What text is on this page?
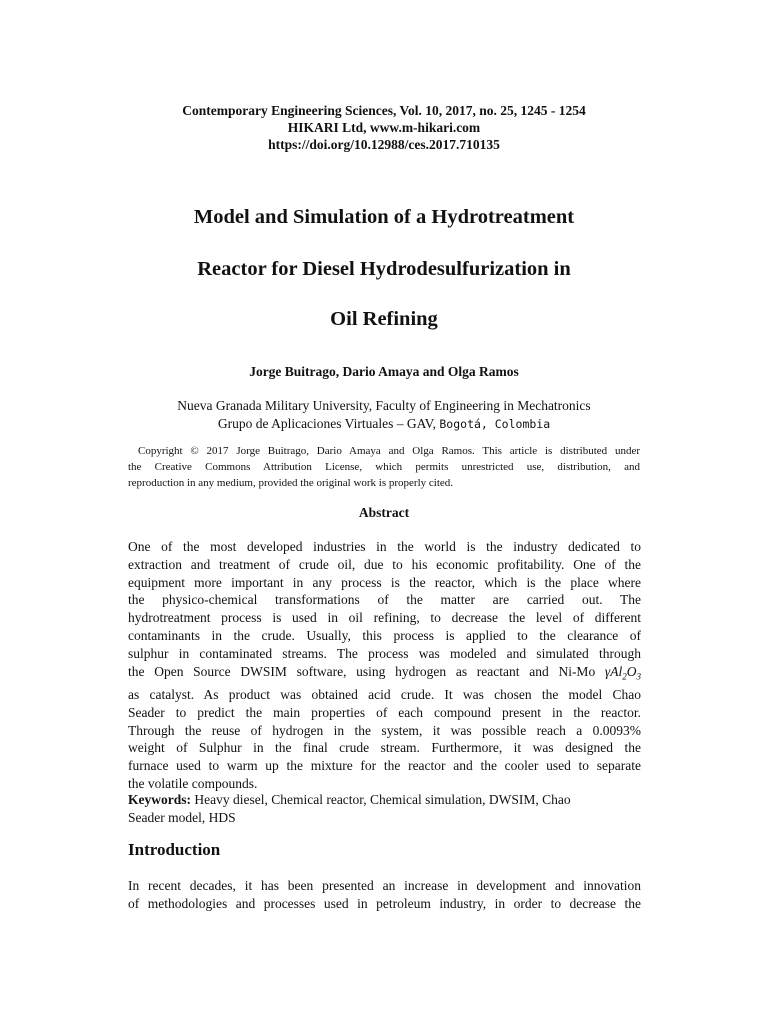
Contemporary Engineering Sciences, Vol. 10, 2017, no. 25, 1245 - 1254
HIKARI Ltd, www.m-hikari.com
https://doi.org/10.12988/ces.2017.710135
Model and Simulation of a Hydrotreatment
Reactor for Diesel Hydrodesulfurization in
Oil Refining
Jorge Buitrago, Dario Amaya and Olga Ramos
Nueva Granada Military University, Faculty of Engineering in Mechatronics
Grupo de Aplicaciones Virtuales – GAV, Bogotá, Colombia
Copyright © 2017 Jorge Buitrago, Dario Amaya and Olga Ramos. This article is distributed under
the Creative Commons Attribution License, which permits unrestricted use, distribution, and
reproduction in any medium, provided the original work is properly cited.
Abstract
One of the most developed industries in the world is the industry dedicated to
extraction and treatment of crude oil, due to his economic profitability. One of the
equipment more important in any process is the reactor, which is the place where
the physico-chemical transformations of the matter are carried out. The
hydrotreatment process is used in oil refining, to decrease the level of different
contaminants in the crude. Usually, this process is applied to the clearance of
sulphur in contaminated streams. The process was modeled and simulated through
the Open Source DWSIM software, using hydrogen as reactant and Ni-Mo $\gamma Al_2O_3$
as catalyst. As product was obtained acid crude. It was chosen the model Chao
Seader to predict the main properties of each compound present in the reactor.
Through the reuse of hydrogen in the system, it was possible reach a 0.0093%
weight of Sulphur in the final crude stream. Furthermore, it was designed the
furnace used to warm up the mixture for the reactor and the cooler used to separate
the volatile compounds.
Keywords: Heavy diesel, Chemical reactor, Chemical simulation, DWSIM, Chao
Seader model, HDS
Introduction
In recent decades, it has been presented an increase in development and innovation
of methodologies and processes used in petroleum industry, in order to decrease the
